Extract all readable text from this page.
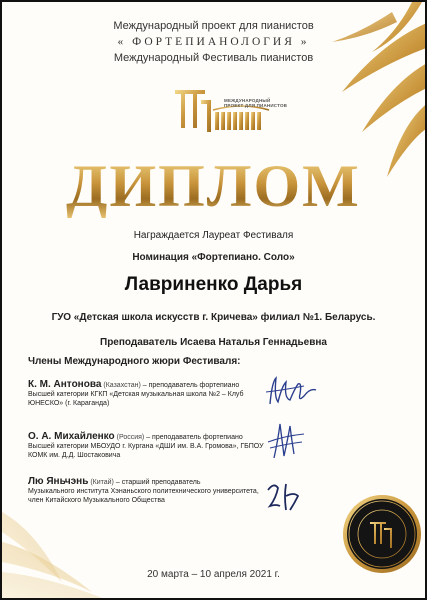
Международный проект для пианистов
« ФОРТЕПИАНОЛОГИЯ »
Международный Фестиваль пианистов
МЕЖДУНАРОДНЫЙ
ПРОЕКТ ДЛЯ ПИАНИСТОВ
ДИПЛОМ
Награждается Лауреат Фестиваля
Номинация «Фортепиано. Соло»
Лавриненко Дарья
ГУО «Детская школа искусств г. Кричева» филиал №1. Беларусь.
Преподаватель Исаева Наталья Геннадьевна
Члены Международного жюри Фестиваля:
К. М. Антонова (Казахстан) – преподаватель фортепиано
Высшей категории КГКП «Детская музыкальная школа №2 – Клуб ЮНЕСКО» (г. Караганда)
О. А. Михайленко (Россия) – преподаватель фортепиано
Высшей категории МБОУДО г. Кургана «ДШИ им. В.А. Громова», ГБПОУ КОМК им. Д.Д. Шостаковича
Лю Яньчэнь (Китай) – старший преподаватель
Музыкального института Хэнаньского политехнического университета, член Китайского Музыкального Общества
20 марта – 10 апреля 2021 г.
